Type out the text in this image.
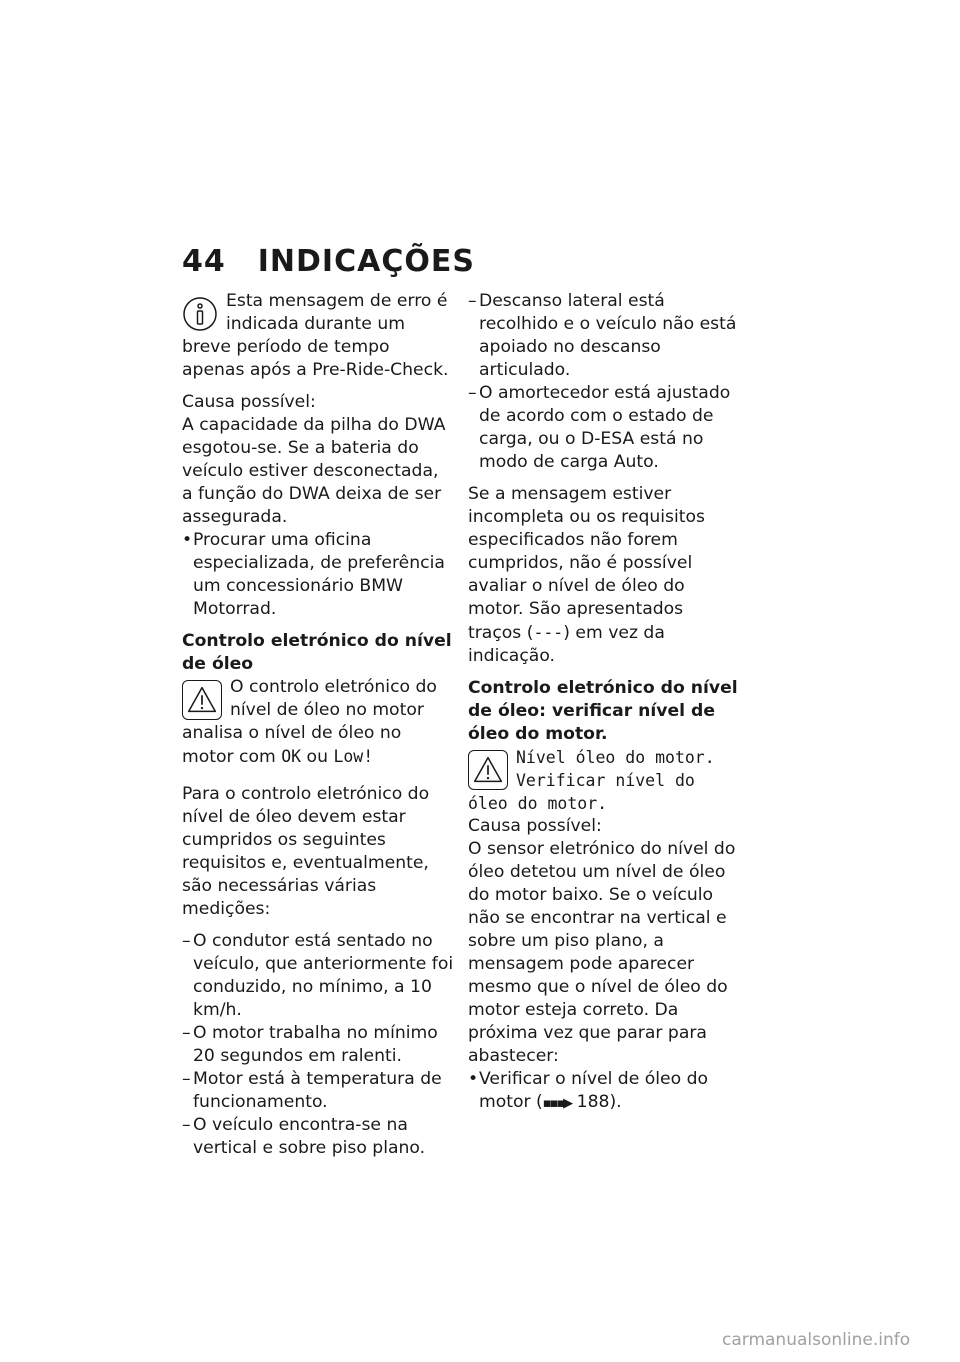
44 INDICAÇÕES

Esta mensagem de erro é indicada durante um breve período de tempo apenas após a Pre-Ride-Check.

Causa possível:

A capacidade da pilha do DWA esgotou-se. Se a bateria do veículo estiver desconectada, a função do DWA deixa de ser assegurada.

• Procurar uma oficina especializada, de preferência um concessionário BMW Motorrad.
Controlo eletrónico do nível de óleo

O controlo eletrónico do nível de óleo no motor analisa o nível de óleo no motor com OK ou Low!

Para o controlo eletrónico do nível de óleo devem estar cumpridos os seguintes requisitos e, eventualmente, são necessárias várias medições:

– O condutor está sentado no veículo, que anteriormente foi conduzido, no mínimo, a 10 km/h.
– O motor trabalha no mínimo 20 segundos em ralenti.
– Motor está à temperatura de funcionamento.
– O veículo encontra-se na vertical e sobre piso plano.
– Descanso lateral está recolhido e o veículo não está apoiado no descanso articulado.
– O amortecedor está ajustado de acordo com o estado de carga, ou o D-ESA está no modo de carga Auto.

Se a mensagem estiver incompleta ou os requisitos especificados não forem cumpridos, não é possível avaliar o nível de óleo do motor. São apresentados traços (---) em vez da indicação.

Controlo eletrónico do nível de óleo: verificar nível de óleo do motor.

Nível óleo do motor. Verificar nível do óleo do motor.

Causa possível:

O sensor eletrónico do nível do óleo detetou um nível de óleo do motor baixo. Se o veículo não se encontrar na vertical e sobre um piso plano, a mensagem pode aparecer mesmo que o nível de óleo do motor esteja correto. Da próxima vez que parar para abastecer:

• Verificar o nível de óleo do motor (▪▪▪▶ 188).
carmanualsonline.info
